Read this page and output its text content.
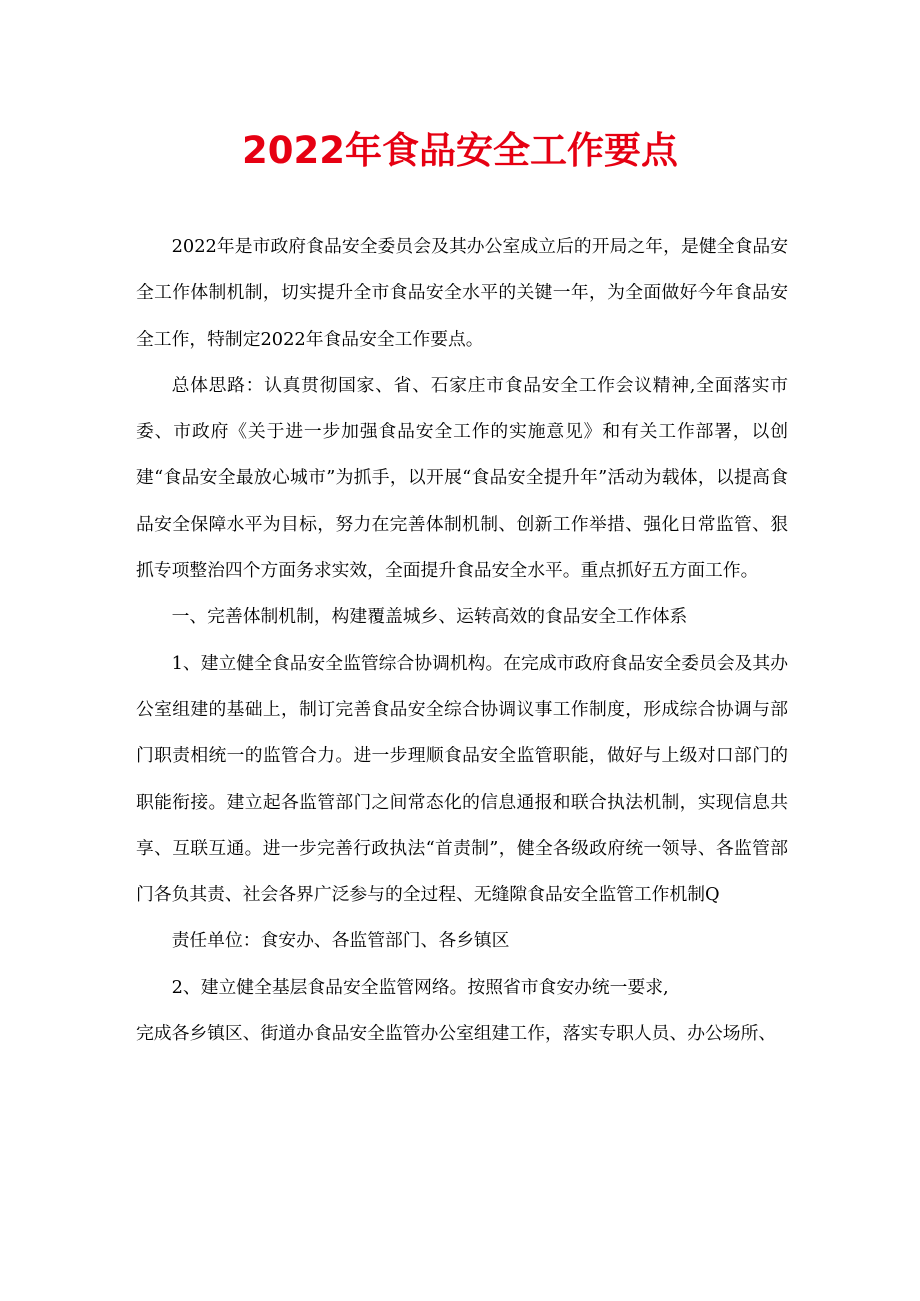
2022年食品安全工作要点

2022年是市政府食品安全委员会及其办公室成立后的开局之年，是健全食品安全工作体制机制，切实提升全市食品安全水平的关键一年，为全面做好今年食品安全工作，特制定2022年食品安全工作要点。

总体思路：认真贯彻国家、省、石家庄市食品安全工作会议精神,全面落实市委、市政府《关于进一步加强食品安全工作的实施意见》和有关工作部署，以创建“食品安全最放心城市”为抓手，以开展“食品安全提升年”活动为载体，以提高食品安全保障水平为目标，努力在完善体制机制、创新工作举措、强化日常监管、狠抓专项整治四个方面务求实效，全面提升食品安全水平。重点抓好五方面工作。

一、完善体制机制，构建覆盖城乡、运转高效的食品安全工作体系

1、建立健全食品安全监管综合协调机构。在完成市政府食品安全委员会及其办公室组建的基础上，制订完善食品安全综合协调议事工作制度，形成综合协调与部门职责相统一的监管合力。进一步理顺食品安全监管职能，做好与上级对口部门的职能衔接。建立起各监管部门之间常态化的信息通报和联合执法机制，实现信息共享、互联互通。进一步完善行政执法“首责制”，健全各级政府统一领导、各监管部门各负其责、社会各界广泛参与的全过程、无缝隙食品安全监管工作机制Q

责任单位：食安办、各监管部门、各乡镇区

2、建立健全基层食品安全监管网络。按照省市食安办统一要求,

完成各乡镇区、街道办食品安全监管办公室组建工作，落实专职人员、办公场所、
